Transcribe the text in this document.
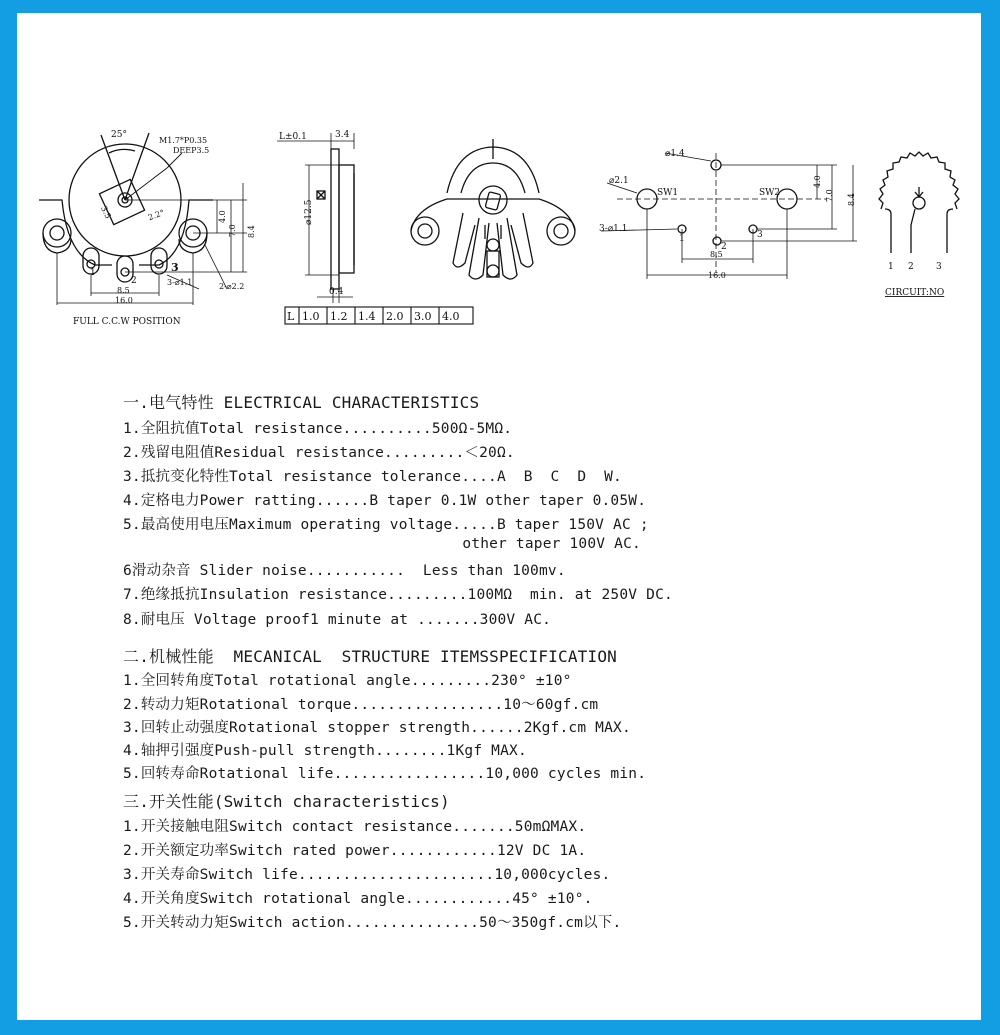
25°
M1.7*P0.35
DEEP3.5
3.5	2.2°	4.0
7.0 8.4
8.5
16.0
3-⌀1.1	2-⌀2.2
1
2
3
FULL C.C.W POSITION
L±0.1	3.4
⌀12.5
0.4
L 1.0 1.2 1.4 2.0 3.0 4.0
⌀1.4
⌀2.1
SW1	SW2
3-⌀1.1
4.0
7.0 8.4
8.5
16.0
1
2
3
1 2 3
CIRCUIT:NO
一.电气特性 ELECTRICAL CHARACTERISTICS
1.全阻抗值Total resistance..........500Ω-5MΩ.
2.残留电阻值Residual resistance.........＜20Ω.
3.抵抗变化特性Total resistance tolerance....A  B  C  D  W.
4.定格电力Power ratting......B taper 0.1W other taper 0.05W.
5.最高使用电压Maximum operating voltage.....B taper 150V AC ;
other taper 100V AC.
6滑动杂音 Slider noise...........  Less than 100mv.
7.绝缘抵抗Insulation resistance.........100MΩ  min. at 250V DC.
8.耐电压 Voltage proof1 minute at .......300V AC.
二.机械性能  MECANICAL  STRUCTURE ITEMSSPECIFICATION
1.全回转角度Total rotational angle.........230° ±10°
2.转动力矩Rotational torque.................10～60gf.cm
3.回转止动强度Rotational stopper strength......2Kgf.cm MAX.
4.轴押引强度Push-pull strength........1Kgf MAX.
5.回转寿命Rotational life.................10,000 cycles min.
三.开关性能(Switch characteristics)
1.开关接触电阻Switch contact resistance.......50mΩMAX.
2.开关额定功率Switch rated power............12V DC 1A.
3.开关寿命Switch life......................10,000cycles.
4.开关角度Switch rotational angle............45° ±10°.
5.开关转动力矩Switch action...............50～350gf.cm以下.
